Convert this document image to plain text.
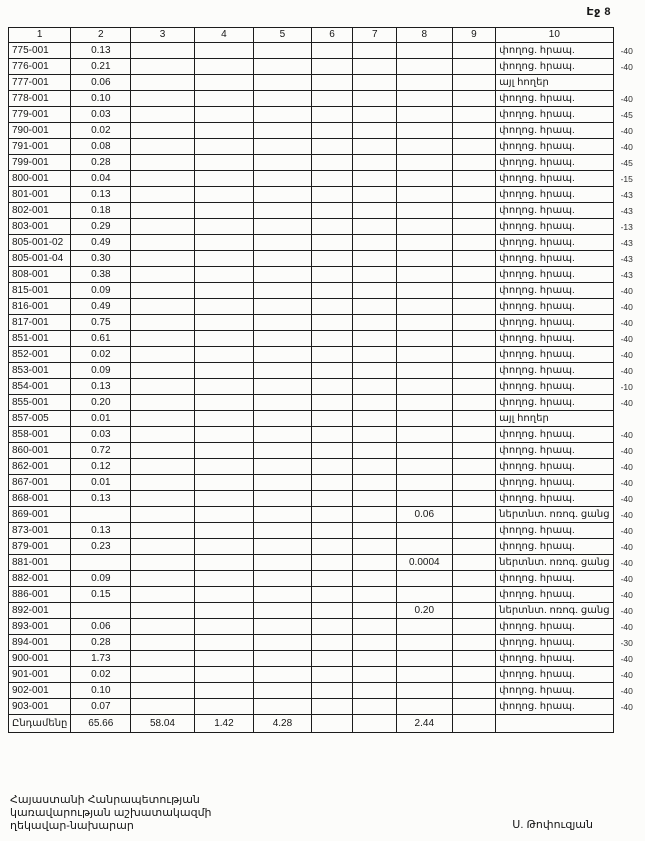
Էջ 8
1	2	3	4	5	6	7	8	9	10	
775-001	0.13								փողոց. հրապ.	-40
776-001	0.21								փողոց. հրապ.	-40
777-001	0.06								այլ հողեր	
778-001	0.10								փողոց. հրապ.	-40
779-001	0.03								փողոց. հրապ.	-45
790-001	0.02								փողոց. հրապ.	-40
791-001	0.08								փողոց. հրապ.	-40
799-001	0.28								փողոց. հրապ.	-45
800-001	0.04								փողոց. հրապ.	-15
801-001	0.13								փողոց. հրապ.	-43
802-001	0.18								փողոց. հրապ.	-43
803-001	0.29								փողոց. հրապ.	-13
805-001-02	0.49								փողոց. հրապ.	-43
805-001-04	0.30								փողոց. հրապ.	-43
808-001	0.38								փողոց. հրապ.	-43
815-001	0.09								փողոց. հրապ.	-40
816-001	0.49								փողոց. հրապ.	-40
817-001	0.75								փողոց. հրապ.	-40
851-001	0.61								փողոց. հրապ.	-40
852-001	0.02								փողոց. հրապ.	-40
853-001	0.09								փողոց. հրապ.	-40
854-001	0.13								փողոց. հրապ.	-10
855-001	0.20								փողոց. հրապ.	-40
857-005	0.01								այլ հողեր	
858-001	0.03								փողոց. հրապ.	-40
860-001	0.72								փողոց. հրապ.	-40
862-001	0.12								փողոց. հրապ.	-40
867-001	0.01								փողոց. հրապ.	-40
868-001	0.13								փողոց. հրապ.	-40
869-001							0.06		ներտնտ. ոռոգ. ցանց	-40
873-001	0.13								փողոց. հրապ.	-40
879-001	0.23								փողոց. հրապ.	-40
881-001							0.0004		ներտնտ. ոռոգ. ցանց	-40
882-001	0.09								փողոց. հրապ.	-40
886-001	0.15								փողոց. հրապ.	-40
892-001							0.20		ներտնտ. ոռոգ. ցանց	-40
893-001	0.06								փողոց. հրապ.	-40
894-001	0.28								փողոց. հրապ.	-30
900-001	1.73								փողոց. հրապ.	-40
901-001	0.02								փողոց. հրապ.	-40
902-001	0.10								փողոց. հրապ.	-40
903-001	0.07								փողոց. հրապ.	-40
Ընդամենը	65.66	58.04	1.42	4.28			2.44			
Հայաստանի Հանրապետության
կառավարության աշխատակազմի
ղեկավար-նախարար	Ս. Թոփուզյան
